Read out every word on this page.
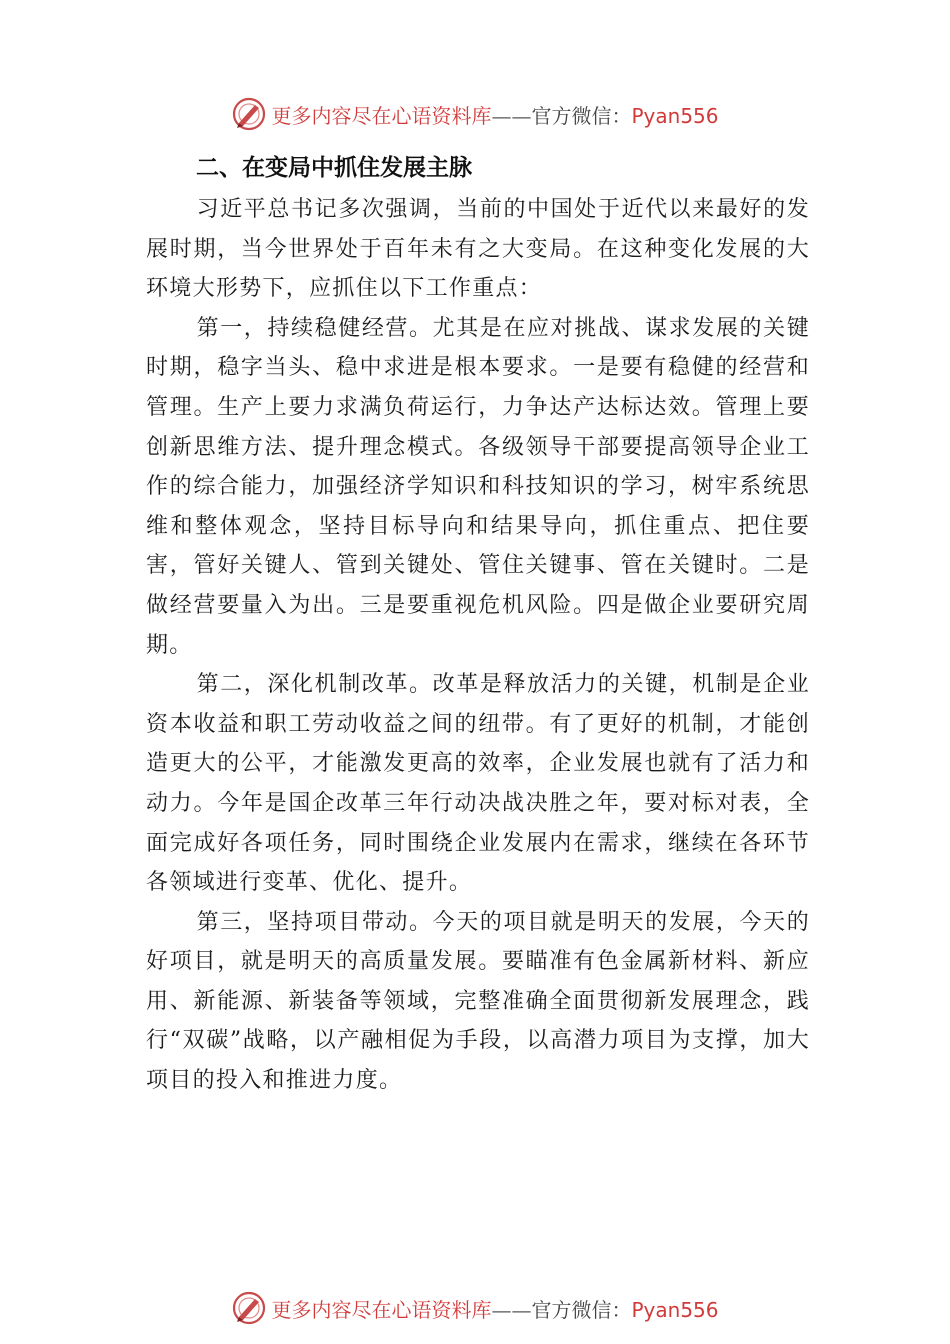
更多内容尽在心语资料库——官方微信：Pyan556
二、在变局中抓住发展主脉

习近平总书记多次强调，当前的中国处于近代以来最好的发展时期，当今世界处于百年未有之大变局。在这种变化发展的大环境大形势下，应抓住以下工作重点：

第一，持续稳健经营。尤其是在应对挑战、谋求发展的关键时期，稳字当头、稳中求进是根本要求。一是要有稳健的经营和管理。生产上要力求满负荷运行，力争达产达标达效。管理上要创新思维方法、提升理念模式。各级领导干部要提高领导企业工作的综合能力，加强经济学知识和科技知识的学习，树牢系统思维和整体观念，坚持目标导向和结果导向，抓住重点、把住要害，管好关键人、管到关键处、管住关键事、管在关键时。二是做经营要量入为出。三是要重视危机风险。四是做企业要研究周期。

第二，深化机制改革。改革是释放活力的关键，机制是企业资本收益和职工劳动收益之间的纽带。有了更好的机制，才能创造更大的公平，才能激发更高的效率，企业发展也就有了活力和动力。今年是国企改革三年行动决战决胜之年，要对标对表，全面完成好各项任务，同时围绕企业发展内在需求，继续在各环节各领域进行变革、优化、提升。

第三，坚持项目带动。今天的项目就是明天的发展，今天的好项目，就是明天的高质量发展。要瞄准有色金属新材料、新应用、新能源、新装备等领域，完整准确全面贯彻新发展理念，践行“双碳”战略，以产融相促为手段，以高潜力项目为支撑，加大项目的投入和推进力度。

更多内容尽在心语资料库——官方微信：Pyan556
